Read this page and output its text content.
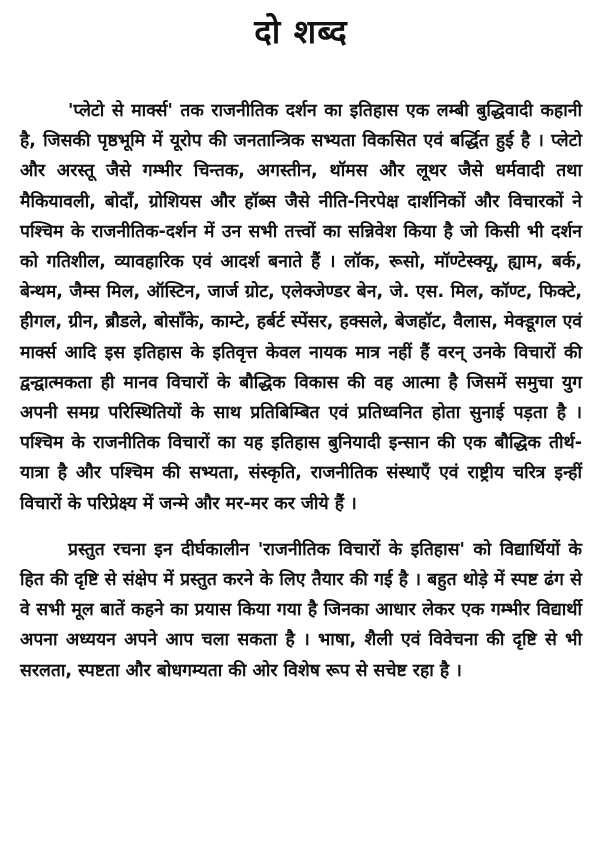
दो शब्द

'प्लेटो से मार्क्स' तक राजनीतिक दर्शन का इतिहास एक लम्बी बुद्धिवादी कहानी है, जिसकी पृष्ठभूमि में यूरोप की जनतान्त्रिक सभ्यता विकसित एवं बर्द्धित हुई है । प्लेटो और अरस्तू जैसे गम्भीर चिन्तक, अगस्तीन, थॉमस और लूथर जैसे धर्मवादी तथा मैकियावली, बोदाँ, ग्रोशियस और हॉब्स जैसे नीति-निरपेक्ष दार्शनिकों और विचारकों ने पश्चिम के राजनीतिक-दर्शन में उन सभी तत्त्वों का सन्निवेश किया है जो किसी भी दर्शन को गतिशील, व्यावहारिक एवं आदर्श बनाते हैं । लॉक, रूसो, मॉण्टेस्क्यू, ह्याम, बर्क, बेन्थम, जैम्स मिल, ऑस्टिन, जार्ज ग्रोट, एलेक्जेण्डर बेन, जे. एस. मिल, कॉण्ट, फिक्टे, हीगल, ग्रीन, ब्रौडले, बोसाँके, काम्टे, हर्बर्ट स्पेंसर, हक्सले, बेजहॉट, वैलास, मेक्डूगल एवं मार्क्स आदि इस इतिहास के इतिवृत्त केवल नायक मात्र नहीं हैं वरन् उनके विचारों की द्वन्द्वात्मकता ही मानव विचारों के बौद्धिक विकास की वह आत्मा है जिसमें समुचा युग अपनी समग्र परिस्थितियों के साथ प्रतिबिम्बित एवं प्रतिध्वनित होता सुनाई पड़ता है । पश्चिम के राजनीतिक विचारों का यह इतिहास बुनियादी इन्सान की एक बौद्धिक तीर्थ-यात्रा है और पश्चिम की सभ्यता, संस्कृति, राजनीतिक संस्थाएँ एवं राष्ट्रीय चरित्र इन्हीं विचारों के परिप्रेक्ष्य में जन्मे और मर-मर कर जीये हैं ।

प्रस्तुत रचना इन दीर्घकालीन 'राजनीतिक विचारों के इतिहास' को विद्यार्थियों के हित की दृष्टि से संक्षेप में प्रस्तुत करने के लिए तैयार की गई है । बहुत थोड़े में स्पष्ट ढंग से वे सभी मूल बातें कहने का प्रयास किया गया है जिनका आधार लेकर एक गम्भीर विद्यार्थी अपना अध्ययन अपने आप चला सकता है । भाषा, शैली एवं विवेचना की दृष्टि से भी सरलता, स्पष्टता और बोधगम्यता की ओर विशेष रूप से सचेष्ट रहा है ।
